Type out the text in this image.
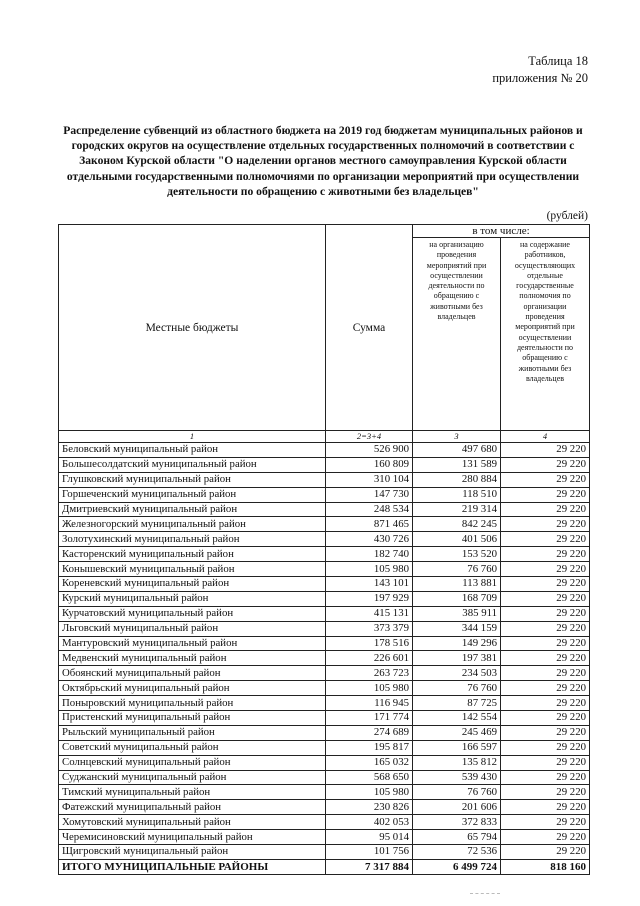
Таблица 18
приложения № 20
Распределение субвенций из областного бюджета на 2019 год бюджетам муниципальных районов и городских округов на осуществление отдельных государственных полномочий в соответствии с Законом Курской области "О наделении органов местного самоуправления Курской области отдельными государственными полномочиями по организации мероприятий при осуществлении деятельности по обращению с животными без владельцев"
(рублей)
Местные бюджеты	Сумма	в том числе:	
		на организацию проведения мероприятий при осуществлении деятельности по обращению с животными без владельцев	на содержание работников, осуществляющих отдельные государственные полномочия по организации проведения мероприятий при осуществлении деятельности по обращению с животными без владельцев
1	2=3+4	3	4
Беловский муниципальный район	526 900	497 680	29 220
Большесолдатский муниципальный район	160 809	131 589	29 220
Глушковский муниципальный район	310 104	280 884	29 220
Горшеченский муниципальный район	147 730	118 510	29 220
Дмитриевский муниципальный район	248 534	219 314	29 220
Железногорский муниципальный район	871 465	842 245	29 220
Золотухинский муниципальный район	430 726	401 506	29 220
Касторенский муниципальный район	182 740	153 520	29 220
Конышевский муниципальный район	105 980	76 760	29 220
Кореневский муниципальный район	143 101	113 881	29 220
Курский муниципальный район	197 929	168 709	29 220
Курчатовский муниципальный район	415 131	385 911	29 220
Льговский муниципальный район	373 379	344 159	29 220
Мантуровский муниципальный район	178 516	149 296	29 220
Медвенский муниципальный район	226 601	197 381	29 220
Обоянский муниципальный район	263 723	234 503	29 220
Октябрьский муниципальный район	105 980	76 760	29 220
Поныровский муниципальный район	116 945	87 725	29 220
Пристенский муниципальный район	171 774	142 554	29 220
Рыльский муниципальный район	274 689	245 469	29 220
Советский муниципальный район	195 817	166 597	29 220
Солнцевский муниципальный район	165 032	135 812	29 220
Суджанский муниципальный район	568 650	539 430	29 220
Тимский муниципальный район	105 980	76 760	29 220
Фатежский муниципальный район	230 826	201 606	29 220
Хомутовский муниципальный район	402 053	372 833	29 220
Черемисиновский муниципальный район	95 014	65 794	29 220
Щигровский муниципальный район	101 756	72 536	29 220
ИТОГО МУНИЦИПАЛЬНЫЕ РАЙОНЫ	7 317 884	6 499 724	818 160
